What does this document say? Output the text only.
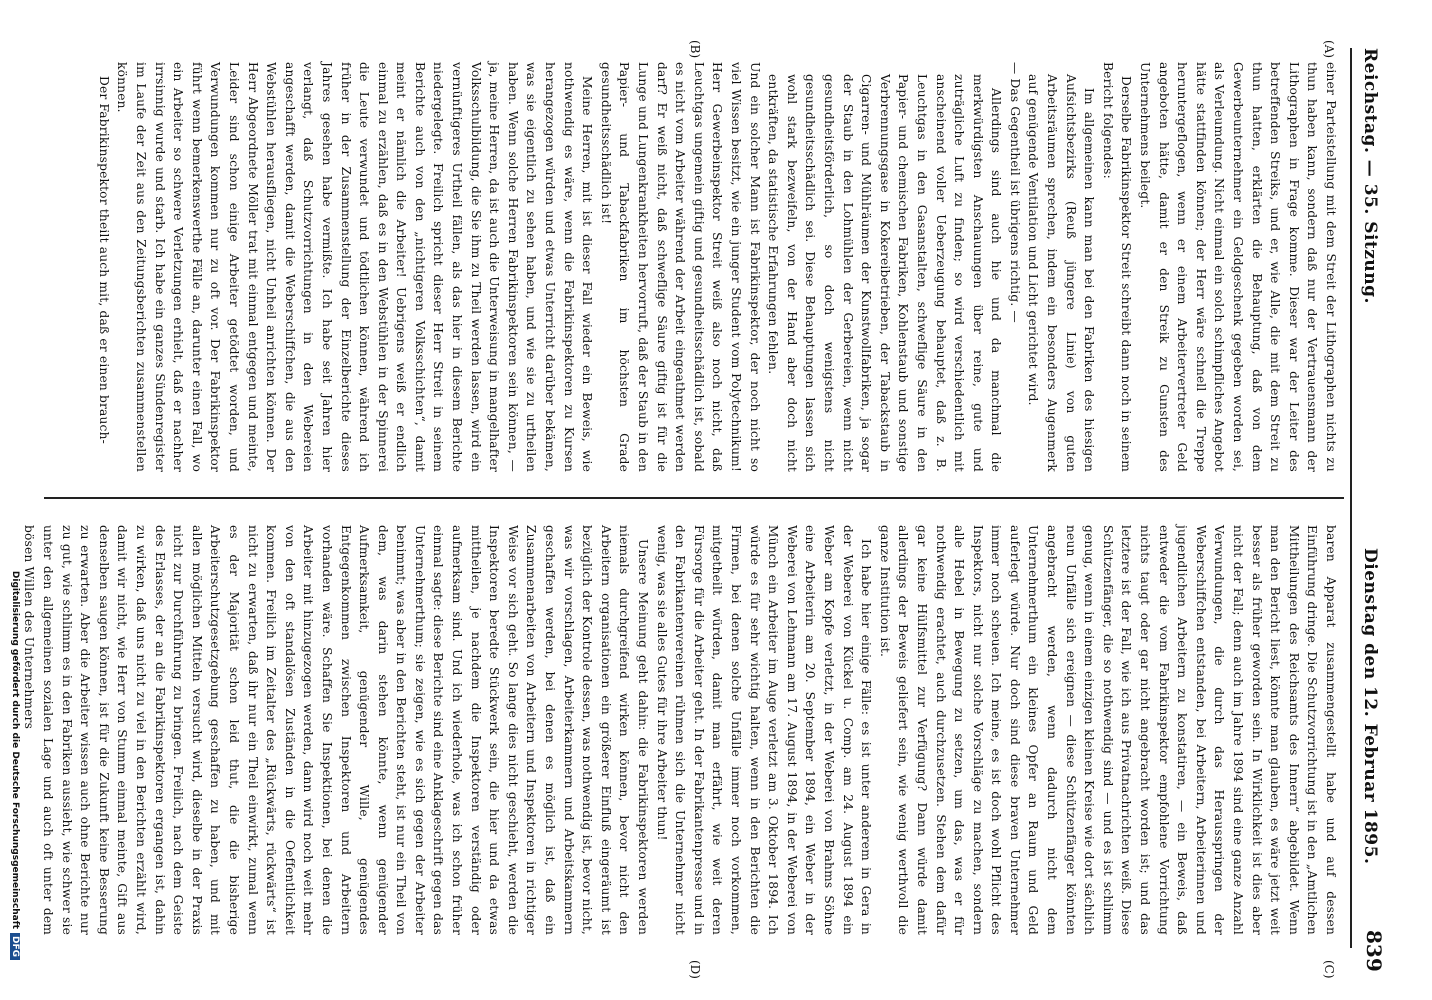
Reichstag. — 35. Sitzung.
Dienstag den 12. Februar 1895.
839
(A)
(B)
(C)
(D)

einer Parteistellung mit dem Streit der Lithographen nichts zu thun haben kann, sondern daß nur der Vertrauensmann der Lithographen in Frage komme. Dieser war der Leiter des betreffenden Streiks, und er, wie Alle, die mit dem Streit zu thun hatten, erklärten die Behauptung, daß von dem Gewerbeunternehmer ein Geldgeschenk gegeben worden sei, als Verleumdung. Nicht einmal ein solch schimpfliches Angebot hätte stattfinden können; der Herr wäre schnell die Treppe heruntergeflogen, wenn er einem Arbeitervertreter Geld angeboten hätte, damit er den Streik zu Gunsten des Unternehmens beilegt.

Derselbe Fabrikinspektor Streit schreibt dann noch in seinem Bericht folgendes:

Im allgemeinen kann man bei den Fabriken des hiesigen Aufsichtsbezirks (Reuß jüngere Linie) von guten Arbeitsräumen sprechen, indem ein besonders Augenmerk auf genügende Ventilation und Licht gerichtet wird.

— Das Gegentheil ist übrigens richtig. —

Allerdings sind auch hie und da manchmal die merkwürdigsten Anschauungen über reine, gute und zuträgliche Luft zu finden; so wird verschiedentlich mit anscheinend voller Ueberzeugung behauptet, daß z. B. Leuchtgas in den Gasanstalten, schweflige Säure in den Papier- und chemischen Fabriken, Kohlenstaub und sonstige Verbrennungsgase in Kokereibetrieben, der Tabackstaub in Cigarren- und Mühlräumen der Kunstwollfabriken, ja sogar der Staub in den Lohmühlen der Gerbereien, wenn nicht gesundheitsförderlich, so doch wenigstens nicht gesundheitsschädlich sei. Diese Behauptungen lassen sich wohl stark bezweifeln, von der Hand aber doch nicht entkräften, da statistische Erfahrungen fehlen.

Und ein solcher Mann ist Fabrikinspektor, der noch nicht so viel Wissen besitzt, wie ein junger Student vom Polytechnikum! Herr Gewerbeinspektor Streit weiß also noch nicht, daß Leuchtgas ungemein giftig und gesundheitsschädlich ist, sobald es nicht vom Arbeiter während der Arbeit eingeathmet werden darf? Er weiß nicht, daß schweflige Säure giftig ist für die Lunge und Lungenkrankheiten hervorruft, daß der Staub in den Papier- und Tabackfabriken im höchsten Grade gesundheitsschädlich ist!

Meine Herren, mit ist dieser Fall wieder ein Beweis, wie nothwendig es wäre, wenn die Fabrikinspektoren zu Kursen herangezogen würden und etwas Unterricht darüber bekämen, was sie eigentlich zu sehen haben, und wie sie zu urtheilen haben. Wenn solche Herren Fabrikinspektoren sein können, — ja, meine Herren, da ist auch die Unterweisung in mangelhafter Volksschulbildung, die Sie ihm zu Theil werden lassen, wird ein vernünftigeres Urtheil fällen, als das hier in diesem Berichte niedergelegte. Freilich spricht dieser Herr Streit in seinem Berichte auch von den „nichtigeren Volksschichten“, damit meint er nämlich die Arbeiter! Uebrigens weiß er endlich einmal zu erzählen, daß es in den Webstühlen in der Spinnerei die Leute verwundet und tödtlichen können, während ich früher in der Zusammenstellung der Einzelberichte dieses Jahres gesehen habe vermißte. Ich habe seit Jahren hier verlangt, daß Schutzvorrichtungen in den Webereien angeschafft werden, damit die Weberschiffchen, die aus den Webstühlen herausfliegen, nicht Unheil anrichten können. Der Herr Abgeordnete Möller trat mit einmal entgegen und meinte, Leider sind schon einige Arbeiter getödtet worden, und Verwundungen kommen nur zu oft vor. Der Fabrikinspektor führt wenn bemerkenswerthe Fälle an, darunter einen Fall, wo ein Arbeiter so schwere Verletzungen erhielt, daß er nachher irrsinnig wurde und starb. Ich habe ein ganzes Sündenregister im Laufe der Zeit aus den Zeitungsberichten zusammenstellen können.

Der Fabrikinspektor theilt auch mit, daß er einen brauch-

baren Apparat zusammengestellt habe und auf dessen Einführung dringe. Die Schutzvorrichtung ist in den „Amtlichen Mittheilungen des Reichsamts des Innern“ abgebildet. Wenn man den Bericht liest, könnte man glauben, es wäre jetzt weit besser als früher geworden sein. In Wirklichkeit ist dies aber nicht der Fall; denn auch im Jahre 1894 sind eine ganze Anzahl Verwundungen, die durch das Herausspringen der Weberschiffchen entstanden, bei Arbeitern, Arbeiterinnen und jugendlichen Arbeitern zu konstatiren, — ein Beweis, daß entweder die vom Fabrikinspektor empfohlene Vorrichtung nichts taugt oder gar nicht angebracht worden ist; und das letztere ist der Fall, wie ich aus Privatnachrichten weiß. Diese Schützenfänger, die so nothwendig sind — und es ist schlimm genug, wenn in einem einzigen kleinen Kreise wie dort sächlich neun Unfälle sich ereignen — diese Schützenfänger könnten angebracht werden, wenn dadurch nicht dem Unternehmerthum ein kleines Opfer an Raum und Geld auferlegt würde. Nur doch sind diese braven Unternehmer immer noch scheuen. Ich meine, es ist doch wohl Pflicht des Inspektors, nicht nur solche Vorschläge zu machen, sondern alle Hebel in Bewegung zu setzen, um das, was er für nothwendig erachtet, auch durchzusetzen. Stehen dem dafür gar keine Hülfsmittel zur Verfügung? Dann würde damit allerdings der Beweis geliefert sein, wie wenig werthvoll die ganze Institution ist.

Ich habe hier einige Fälle: es ist unter anderem in Gera in der Weberei von Kückel u. Comp. am 24. August 1894 ein Weber am Kopfe verletzt, in der Weberei von Brahms Söhne eine Arbeiterin am 20. September 1894, ein Weber in der Weberei von Lehmann am 17. August 1894, in der Weberei von Münch ein Arbeiter im Auge verletzt am 3. Oktober 1894. Ich würde es für sehr wichtig halten, wenn in den Berichten die Firmen, bei denen solche Unfälle immer noch vorkommen, mitgetheilt würden, damit man erfährt, wie weit deren Fürsorge für die Arbeiter geht. In der Fabrikantenpresse und in den Fabrikantenvereinen rühmen sich die Unternehmer nicht wenig, was sie alles Gutes für ihre Arbeiter thun!

Unsere Meinung geht dahin: die Fabrikinspektoren werden niemals durchgreifend wirken können, bevor nicht den Arbeitern organisationen ein größerer Einfluß eingeräumt ist bezüglich der Kontrole dessen, was nothwendig ist, bevor nicht, was wir vorschlagen, Arbeiterkammern und Arbeitskammern geschaffen werden, bei denen es möglich ist, daß ein Zusammenarbeiten von Arbeitern und Inspektoren in richtiger Weise vor sich geht. So lange dies nicht geschieht, werden die Inspektoren beredte Stückwerk sein, die hier und da etwas mittheilen, je nachdem die Inspektoren verständig oder aufmerksam sind. Und ich wiederhole, was ich schon früher einmal sagte: diese Berichte sind eine Anklageschrift gegen das Unternehmerthum; sie zeigen, wie es sich gegen der Arbeiter benimmt; was aber in den Berichten steht, ist nur ein Theil von dem, was darin stehen könnte, wenn genügender Aufmerksamkeit, genügender Wille, genügendes Entgegenkommen zwischen Inspektoren und Arbeitern vorhanden wäre. Schaffen Sie Inspektionen, bei denen die Arbeiter mit hinzugezogen werden, dann wird noch weit mehr von den oft standalösen Zuständen in die Oeffentlichkeit kommen. Freilich im Zeitalter des „Rückwärts, rückwärts“ ist nicht zu erwarten, daß ihr nur ein Theil einwirkt, zumal wenn es der Majorität schon leid thut, die die bisherige Arbeiterschutzgesetzgebung geschaffen zu haben, und mit allen möglichen Mitteln versucht wird, dieselbe in der Praxis nicht zur Durchführung zu bringen. Freilich, nach dem Geiste des Erlasses, der an die Fabrikinspektoren ergangen ist, dahin zu wirken, daß uns nicht zu viel in den Berichten erzählt wird, damit wir nicht, wie Herr von Stumm einmal meinte, Gift aus denselben saugen können, ist für die Zukunft keine Besserung zu erwarten. Aber die Arbeiter wissen auch ohne Berichte nur zu gut, wie schlimm es in den Fabriken aussieht, wie schwer sie unter den allgemeinen sozialen Lage und auch oft unter dem bösen Willen des Unternehmers

Digitalisierung gefördert durch die Deutsche ForschungsgemeinschaftDFG
